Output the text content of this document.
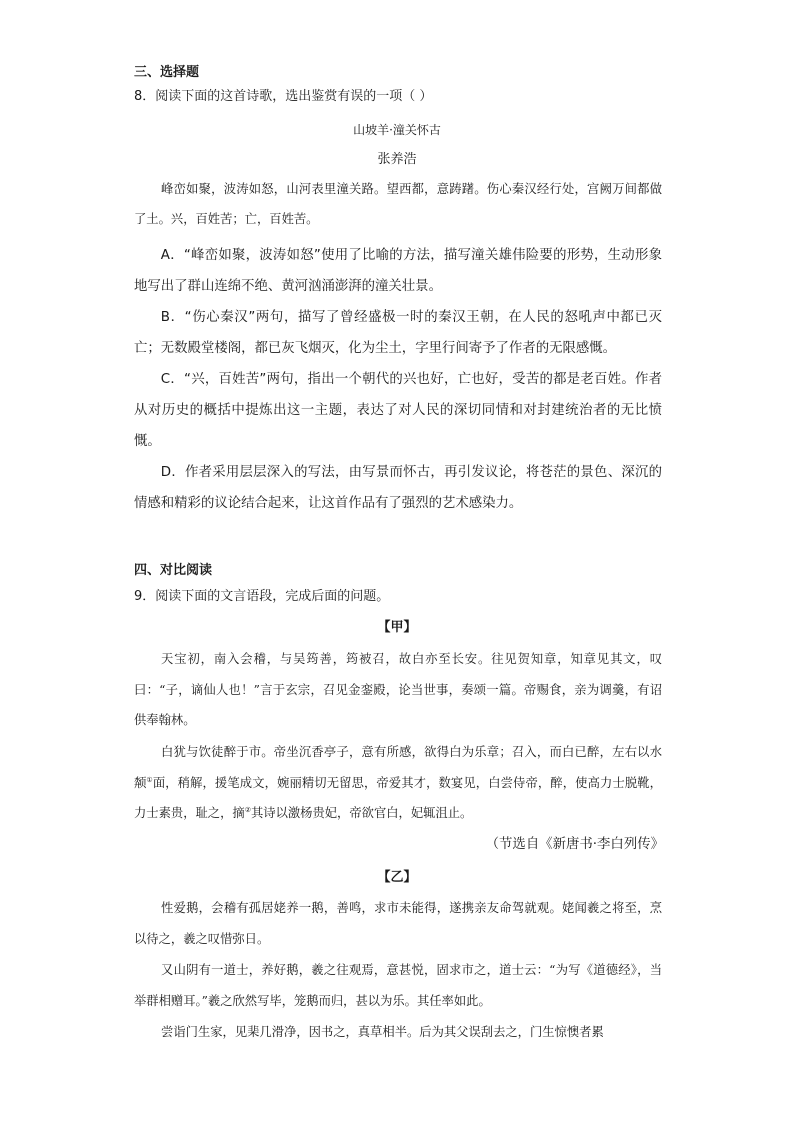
三、选择题
8．阅读下面的这首诗歌，选出鉴赏有误的一项（ ）
山坡羊·潼关怀古
张养浩

峰峦如聚，波涛如怒，山河表里潼关路。望西都，意踌躇。伤心秦汉经行处，宫阙万间都做了土。兴，百姓苦；亡，百姓苦。

A．“峰峦如聚，波涛如怒”使用了比喻的方法，描写潼关雄伟险要的形势，生动形象地写出了群山连绵不绝、黄河汹涌澎湃的潼关壮景。

B．“伤心秦汉”两句，描写了曾经盛极一时的秦汉王朝，在人民的怒吼声中都已灭亡；无数殿堂楼阁，都已灰飞烟灭，化为尘土，字里行间寄予了作者的无限感慨。

C．“兴，百姓苦”两句，指出一个朝代的兴也好，亡也好，受苦的都是老百姓。作者从对历史的概括中提炼出这一主题，表达了对人民的深切同情和对封建统治者的无比愤慨。

D．作者采用层层深入的写法，由写景而怀古，再引发议论，将苍茫的景色、深沉的情感和精彩的议论结合起来，让这首作品有了强烈的艺术感染力。

四、对比阅读
9．阅读下面的文言语段，完成后面的问题。
【甲】

天宝初，南入会稽，与吴筠善，筠被召，故白亦至长安。往见贺知章，知章见其文，叹曰：“子，谪仙人也！”言于玄宗，召见金銮殿，论当世事，奏颂一篇。帝赐食，亲为调羹，有诏供奉翰林。

白犹与饮徒醉于市。帝坐沉香亭子，意有所感，欲得白为乐章；召入，而白已醉，左右以水颒①面，稍解，援笔成文，婉丽精切无留思，帝爱其才，数宴见，白尝侍帝，醉，使高力士脱靴，力士素贵，耻之，摘②其诗以激杨贵妃，帝欲官白，妃辄沮止。

（节选自《新唐书·李白列传》
【乙】

性爱鹅，会稽有孤居姥养一鹅，善鸣，求市未能得，遂携亲友命驾就观。姥闻羲之将至，烹以待之，羲之叹惜弥日。

又山阴有一道士，养好鹅，羲之往观焉，意甚悦，固求市之，道士云：“为写《道德经》，当举群相赠耳。”羲之欣然写毕，笼鹅而归，甚以为乐。其任率如此。

尝诣门生家，见棐几滑净，因书之，真草相半。后为其父误刮去之，门生惊懊者累
